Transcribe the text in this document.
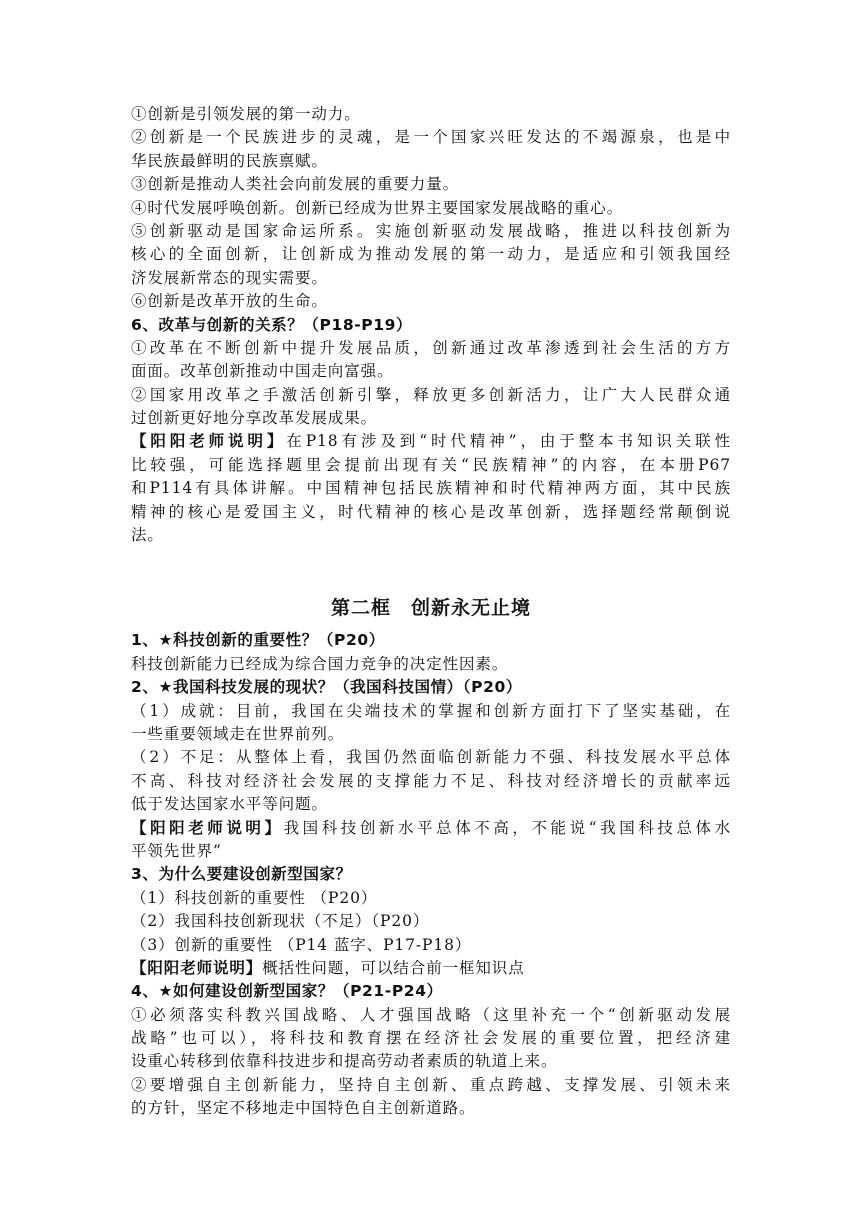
①创新是引领发展的第一动力。
②创新是一个民族进步的灵魂，是一个国家兴旺发达的不竭源泉，也是中
华民族最鲜明的民族禀赋。
③创新是推动人类社会向前发展的重要力量。
④时代发展呼唤创新。创新已经成为世界主要国家发展战略的重心。
⑤创新驱动是国家命运所系。实施创新驱动发展战略，推进以科技创新为
核心的全面创新，让创新成为推动发展的第一动力，是适应和引领我国经
济发展新常态的现实需要。
⑥创新是改革开放的生命。
6、改革与创新的关系？（P18-P19）
①改革在不断创新中提升发展品质，创新通过改革渗透到社会生活的方方
面面。改革创新推动中国走向富强。
②国家用改革之手激活创新引擎，释放更多创新活力，让广大人民群众通
过创新更好地分享改革发展成果。
【阳阳老师说明】在P18有涉及到“时代精神”，由于整本书知识关联性
比较强，可能选择题里会提前出现有关“民族精神”的内容，在本册P67
和P114有具体讲解。中国精神包括民族精神和时代精神两方面，其中民族
精神的核心是爱国主义，时代精神的核心是改革创新，选择题经常颠倒说
法。
第二框　创新永无止境
1、★科技创新的重要性？（P20）
科技创新能力已经成为综合国力竞争的决定性因素。
2、★我国科技发展的现状？（我国科技国情）（P20）
（1）成就：目前，我国在尖端技术的掌握和创新方面打下了坚实基础，在
一些重要领域走在世界前列。
（2）不足：从整体上看，我国仍然面临创新能力不强、科技发展水平总体
不高、科技对经济社会发展的支撑能力不足、科技对经济增长的贡献率远
低于发达国家水平等问题。
【阳阳老师说明】我国科技创新水平总体不高，不能说“我国科技总体水
平领先世界”
3、为什么要建设创新型国家？
（1）科技创新的重要性 （P20）
（2）我国科技创新现状（不足）（P20）
（3）创新的重要性 （P14 蓝字、P17-P18）
【阳阳老师说明】概括性问题，可以结合前一框知识点
4、★如何建设创新型国家？（P21-P24）
①必须落实科教兴国战略、人才强国战略（这里补充一个“创新驱动发展
战略”也可以），将科技和教育摆在经济社会发展的重要位置，把经济建
设重心转移到依靠科技进步和提高劳动者素质的轨道上来。
②要增强自主创新能力，坚持自主创新、重点跨越、支撑发展、引领未来
的方针，坚定不移地走中国特色自主创新道路。
